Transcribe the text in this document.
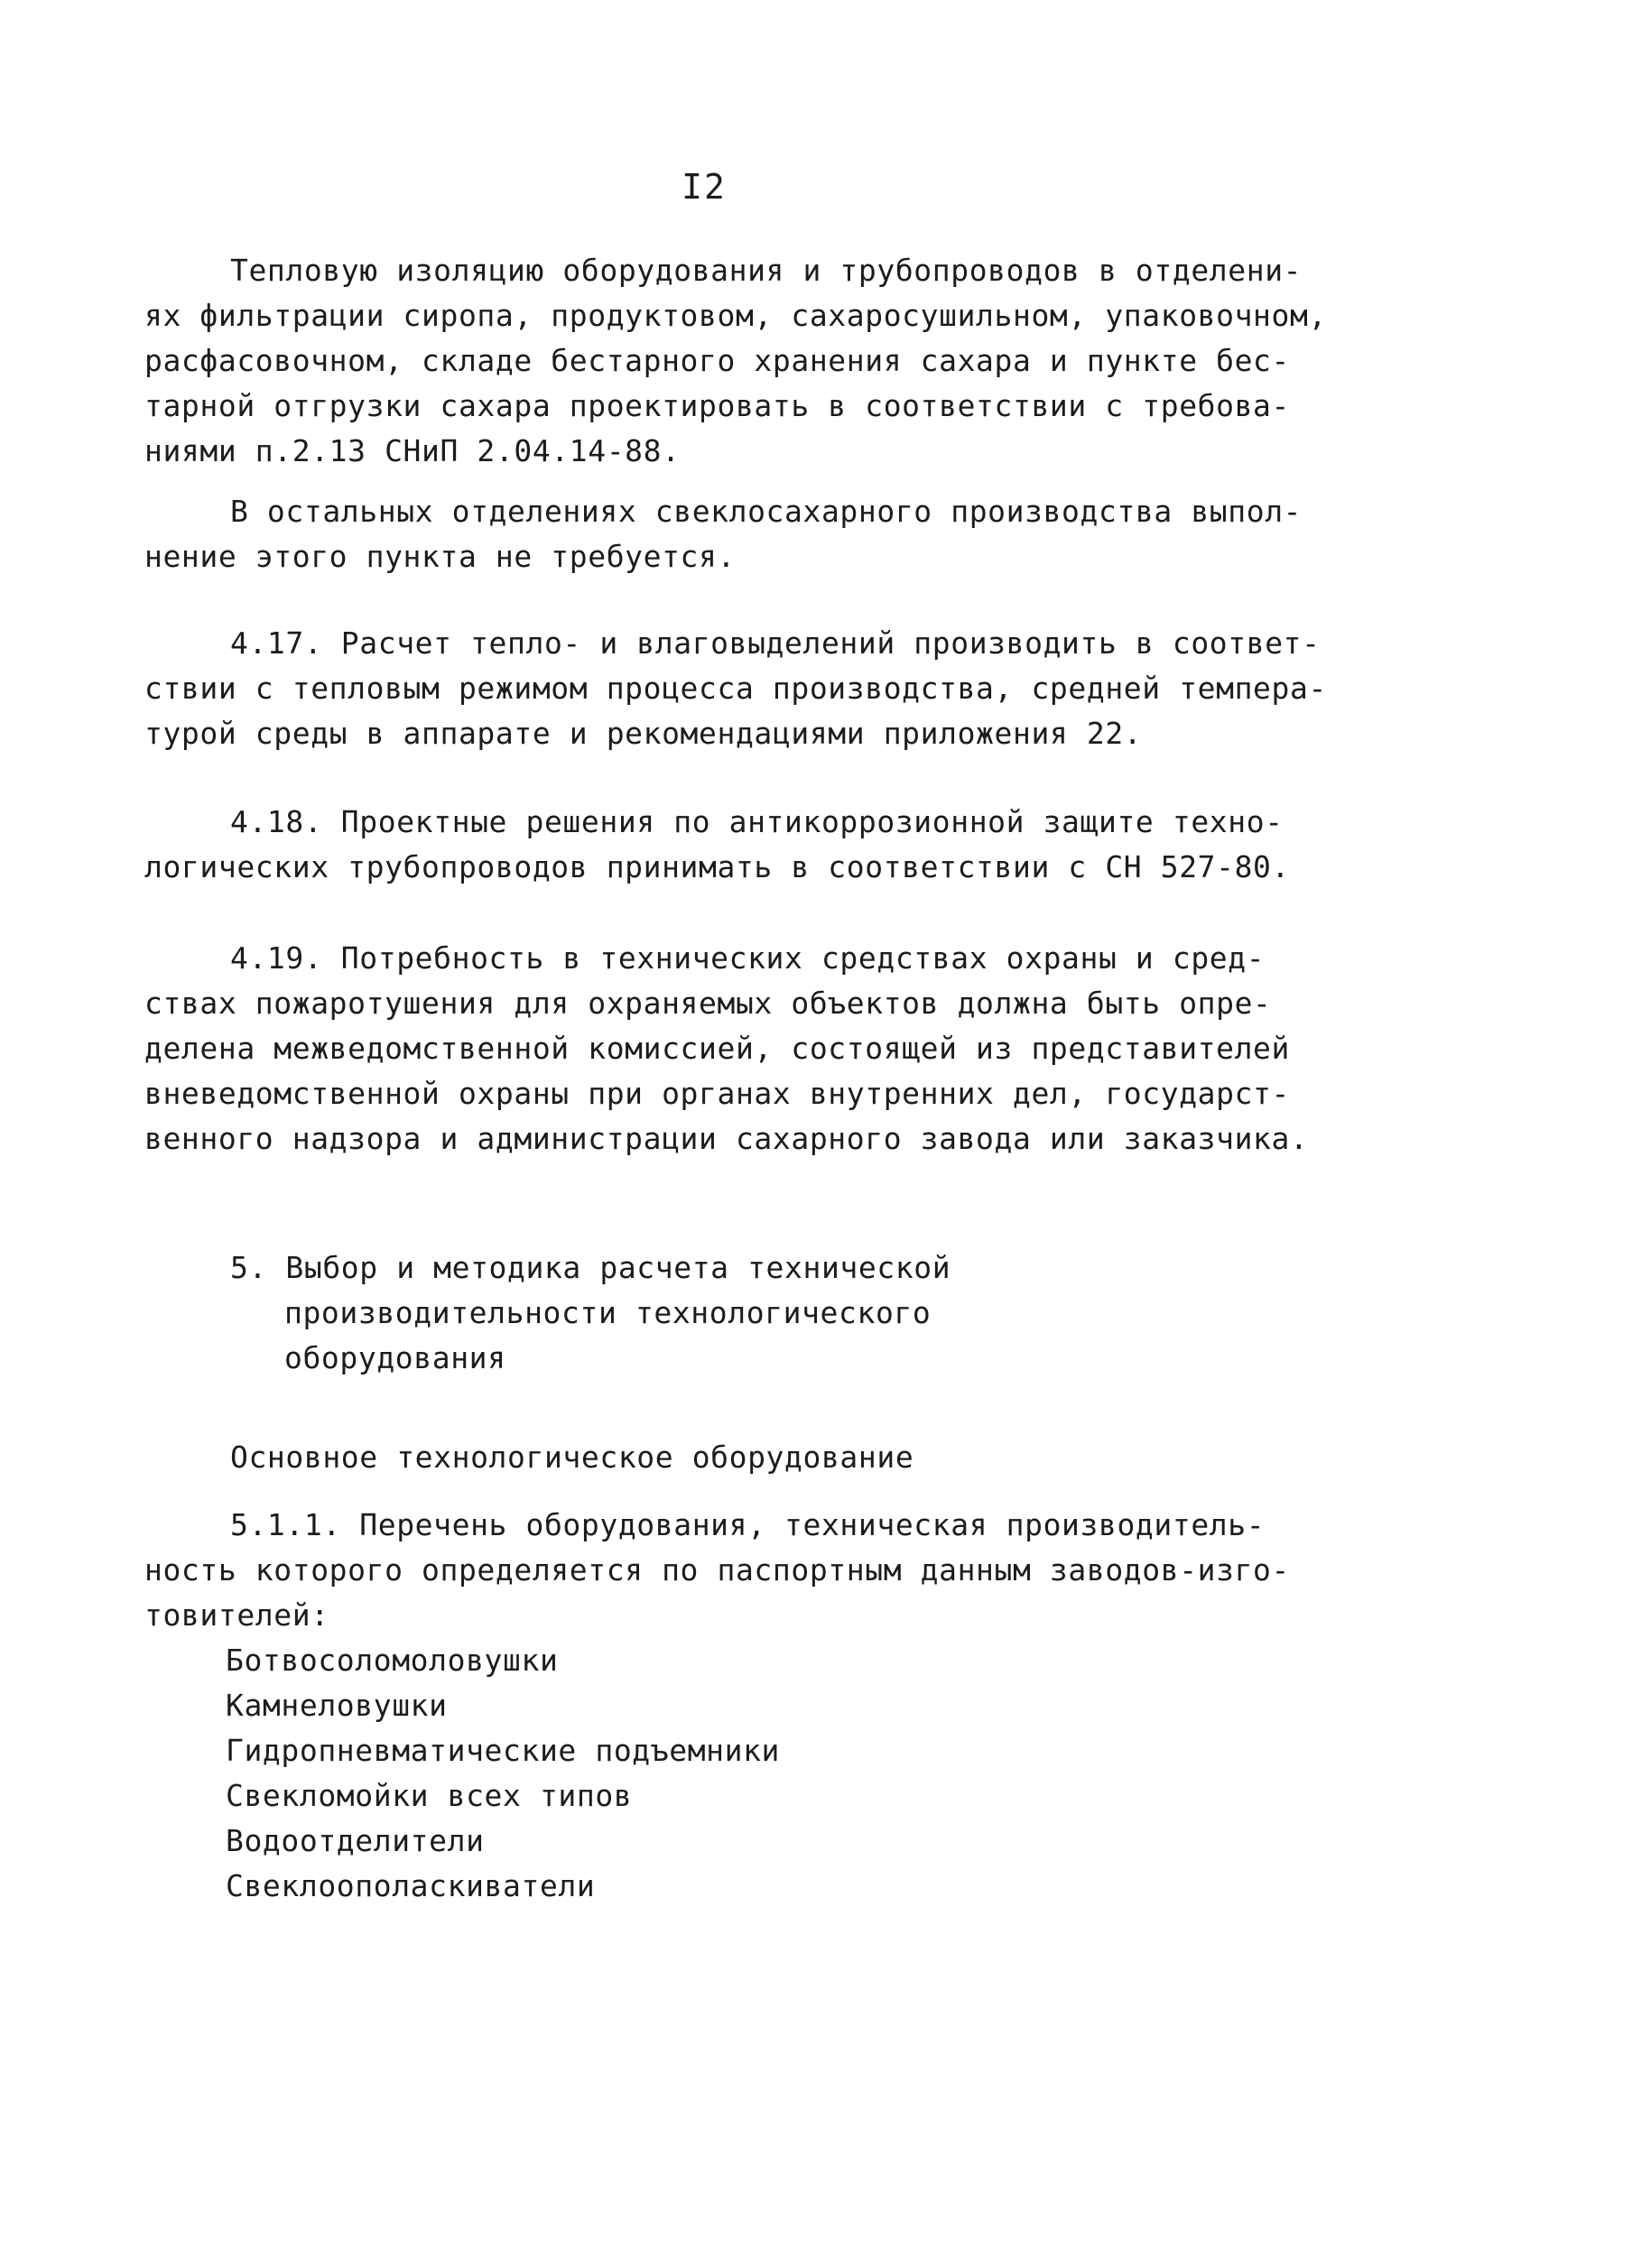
I2
Тепловую изоляцию оборудования и трубопроводов в отделени-
ях фильтрации сиропа, продуктовом, сахаросушильном, упаковочном,
расфасовочном, складе бестарного хранения сахара и пункте бес-
тарной отгрузки сахара проектировать в соответствии с требова-
ниями п.2.13 СНиП 2.04.14-88.
В остальных отделениях свеклосахарного производства выпол-
нение этого пункта не требуется.
4.17. Расчет тепло- и влаговыделений производить в соответ-
ствии с тепловым режимом процесса производства, средней темпера-
турой среды в аппарате и рекомендациями приложения 22.
4.18. Проектные решения по антикоррозионной защите техно-
логических трубопроводов принимать в соответствии с СН 527-80.
4.19. Потребность в технических средствах охраны и сред-
ствах пожаротушения для охраняемых объектов должна быть опре-
делена межведомственной комиссией, состоящей из представителей
вневедомственной охраны при органах внутренних дел, государст-
венного надзора и администрации сахарного завода или заказчика.
5. Выбор и методика расчета технической
производительности технологического
оборудования
Основное технологическое оборудование
5.1.1. Перечень оборудования, техническая производитель-
ность которого определяется по паспортным данным заводов-изго-
товителей:
Ботвосоломоловушки
Камнеловушки
Гидропневматические подъемники
Свекломойки всех типов
Водоотделители
Свеклоополаскиватели
